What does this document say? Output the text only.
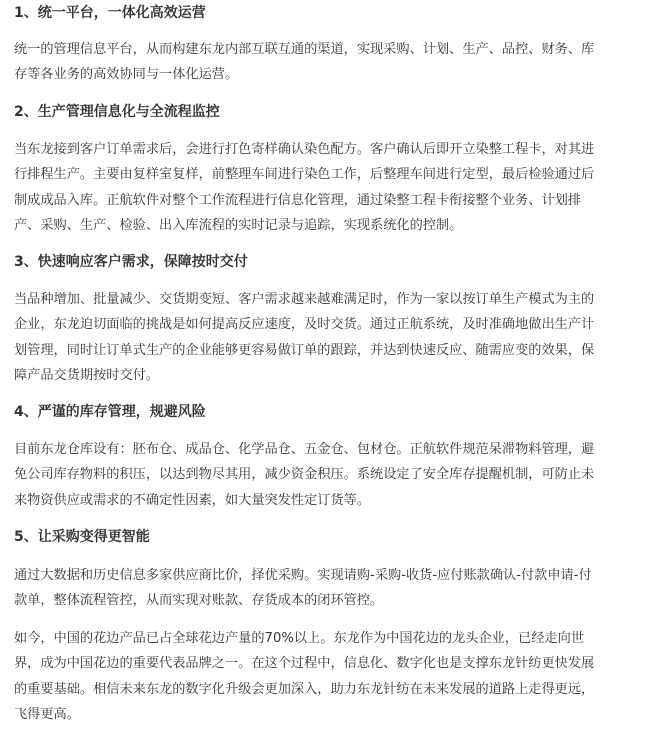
1、统一平台，一体化高效运营

统一的管理信息平台，从而构建东龙内部互联互通的渠道，实现采购、计划、生产、品控、财务、库
存等各业务的高效协同与一体化运营。

2、生产管理信息化与全流程监控

当东龙接到客户订单需求后，会进行打色寄样确认染色配方。客户确认后即开立染整工程卡，对其进
行排程生产。主要由复样室复样，前整理车间进行染色工作，后整理车间进行定型，最后检验通过后
制成成品入库。正航软件对整个工作流程进行信息化管理，通过染整工程卡衔接整个业务、计划排
产、采购、生产、检验、出入库流程的实时记录与追踪，实现系统化的控制。

3、快速响应客户需求，保障按时交付

当品种增加、批量减少、交货期变短、客户需求越来越难满足时，作为一家以按订单生产模式为主的
企业，东龙迫切面临的挑战是如何提高反应速度，及时交货。通过正航系统，及时准确地做出生产计
划管理，同时让订单式生产的企业能够更容易做订单的跟踪，并达到快速反应、随需应变的效果，保
障产品交货期按时交付。

4、严谨的库存管理，规避风险

目前东龙仓库设有：胚布仓、成品仓、化学品仓、五金仓、包材仓。正航软件规范呆滞物料管理，避
免公司库存物料的积压，以达到物尽其用，减少资金积压。系统设定了安全库存提醒机制，可防止未
来物资供应或需求的不确定性因素，如大量突发性定订货等。

5、让采购变得更智能

通过大数据和历史信息多家供应商比价，择优采购。实现请购-采购-收货-应付账款确认-付款申请-付
款单，整体流程管控，从而实现对账款、存货成本的闭环管控。

如今，中国的花边产品已占全球花边产量的70%以上。东龙作为中国花边的龙头企业，已经走向世
界，成为中国花边的重要代表品牌之一。在这个过程中，信息化、数字化也是支撑东龙针纺更快发展
的重要基础。相信未来东龙的数字化升级会更加深入，助力东龙针纺在未来发展的道路上走得更远，
飞得更高。
